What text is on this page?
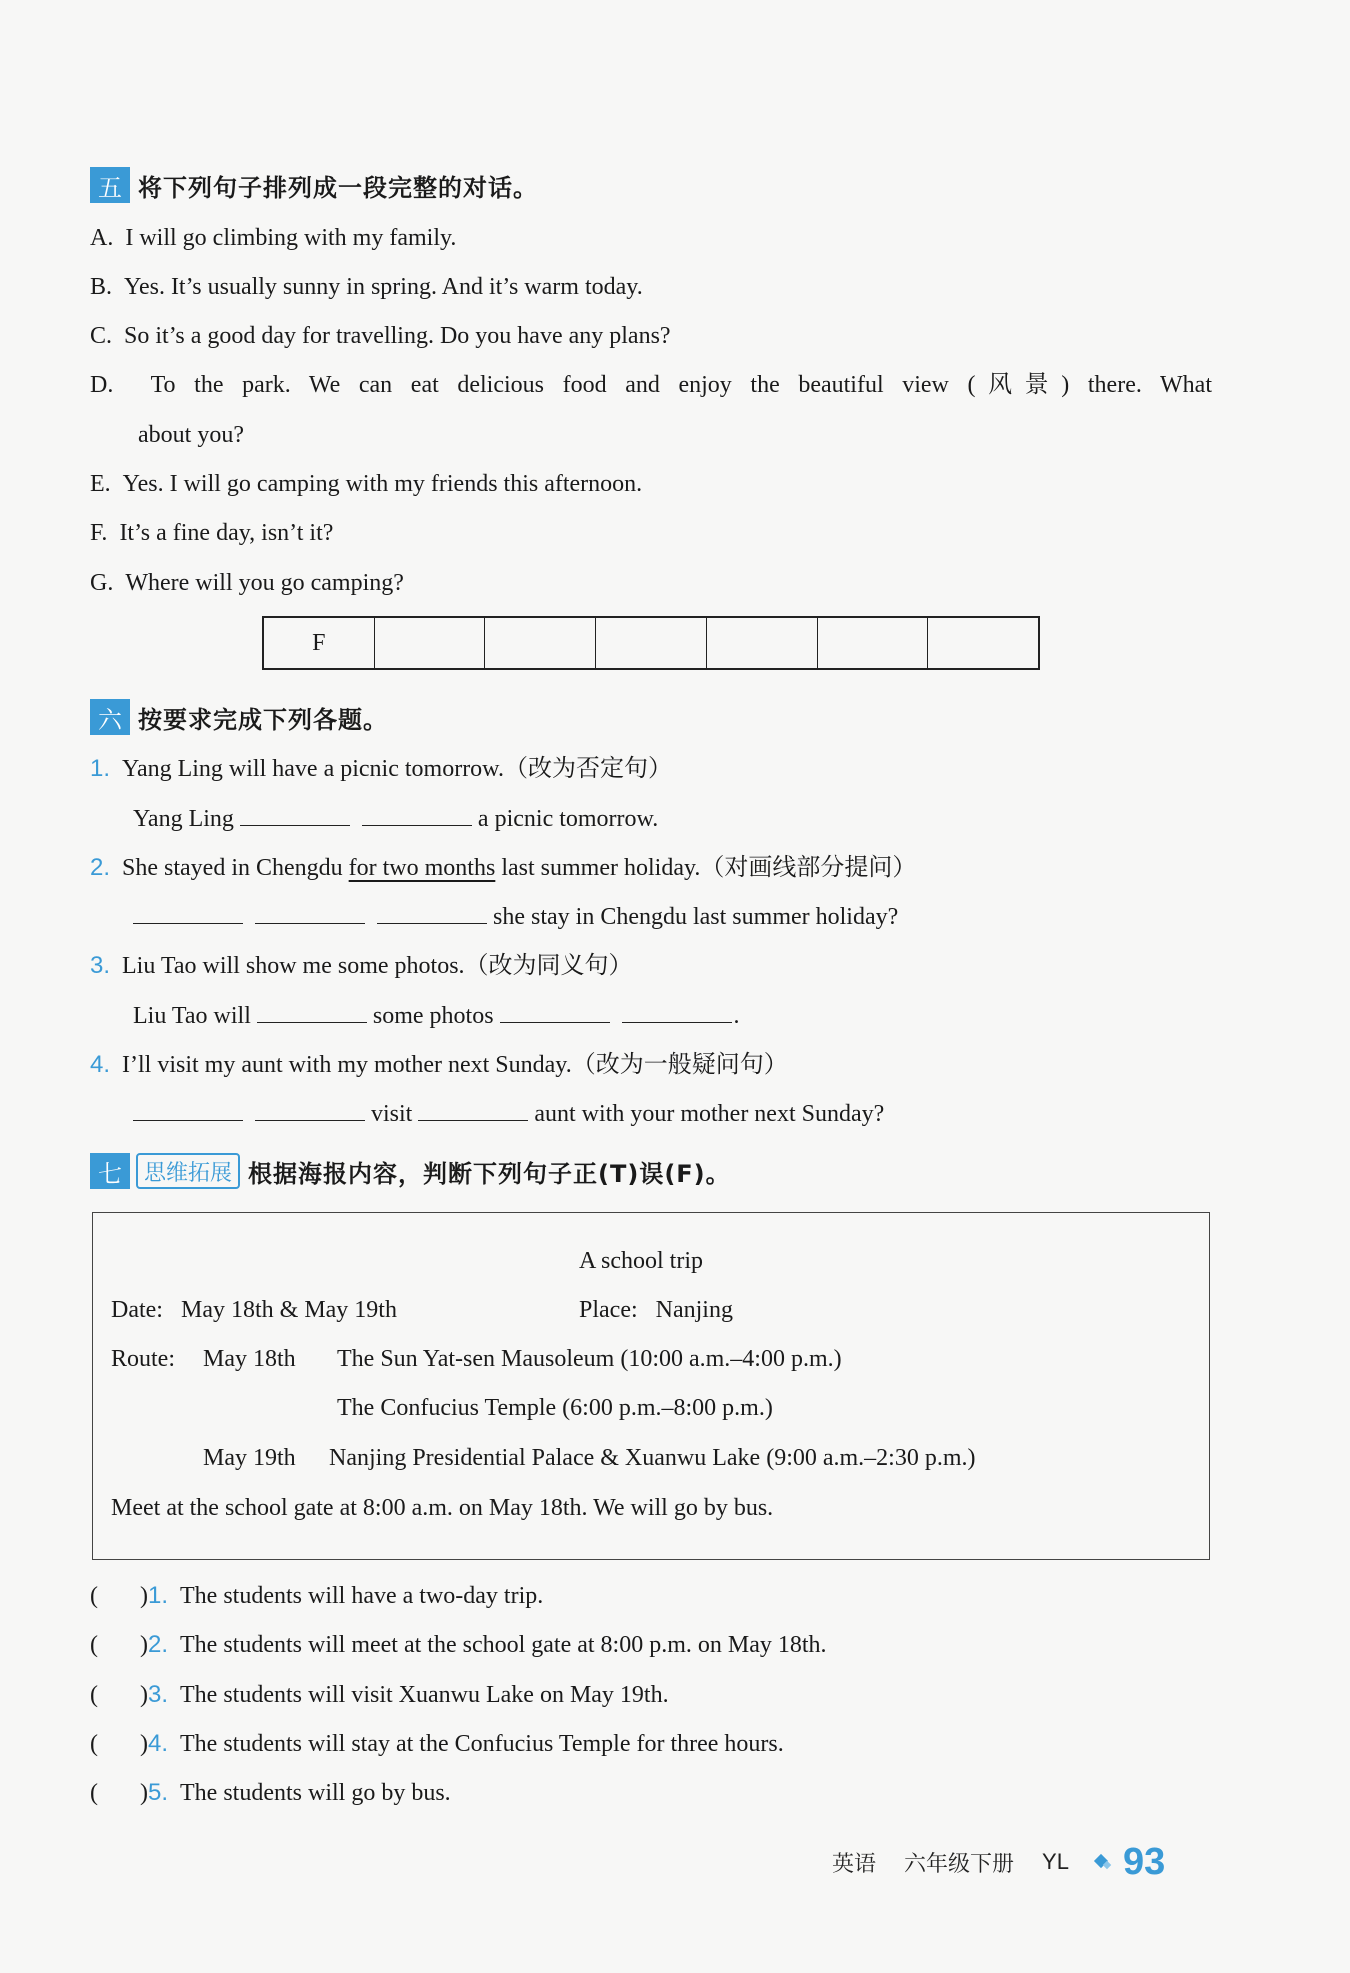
五 将下列句子排列成一段完整的对话。
A. I will go climbing with my family.
B. Yes. It’s usually sunny in spring. And it’s warm today.
C. So it’s a good day for travelling. Do you have any plans?
D. To the park. We can eat delicious food and enjoy the beautiful view (风景) there. What
about you?
E. Yes. I will go camping with my friends this afternoon.
F. It’s a fine day, isn’t it?
G. Where will you go camping?
F
六 按要求完成下列各题。
1. Yang Ling will have a picnic tomorrow.（改为否定句）
Yang Ling	a picnic tomorrow.
2. She stayed in Chengdu for two months last summer holiday.（对画线部分提问）
she stay in Chengdu last summer holiday?
3. Liu Tao will show me some photos.（改为同义句）
Liu Tao will	some photos	.
4. I’ll visit my aunt with my mother next Sunday.（改为一般疑问句）
visit	aunt with your mother next Sunday?
七	思维拓展 根据海报内容，判断下列句子正(T)误(F)。
A school trip
Date: May 18th & May 19th	Place: Nanjing
Route: May 18th The Sun Yat-sen Mausoleum (10:00 a.m.–4:00 p.m.)
The Confucius Temple (6:00 p.m.–8:00 p.m.)
May 19th Nanjing Presidential Palace & Xuanwu Lake (9:00 a.m.–2:30 p.m.)
Meet at the school gate at 8:00 a.m. on May 18th. We will go by bus.
(       )1. The students will have a two-day trip.
(       )2. The students will meet at the school gate at 8:00 p.m. on May 18th.
(       )3. The students will visit Xuanwu Lake on May 19th.
(       )4. The students will stay at the Confucius Temple for three hours.
(       )5. The students will go by bus.
英语 六年级下册 YL 93
